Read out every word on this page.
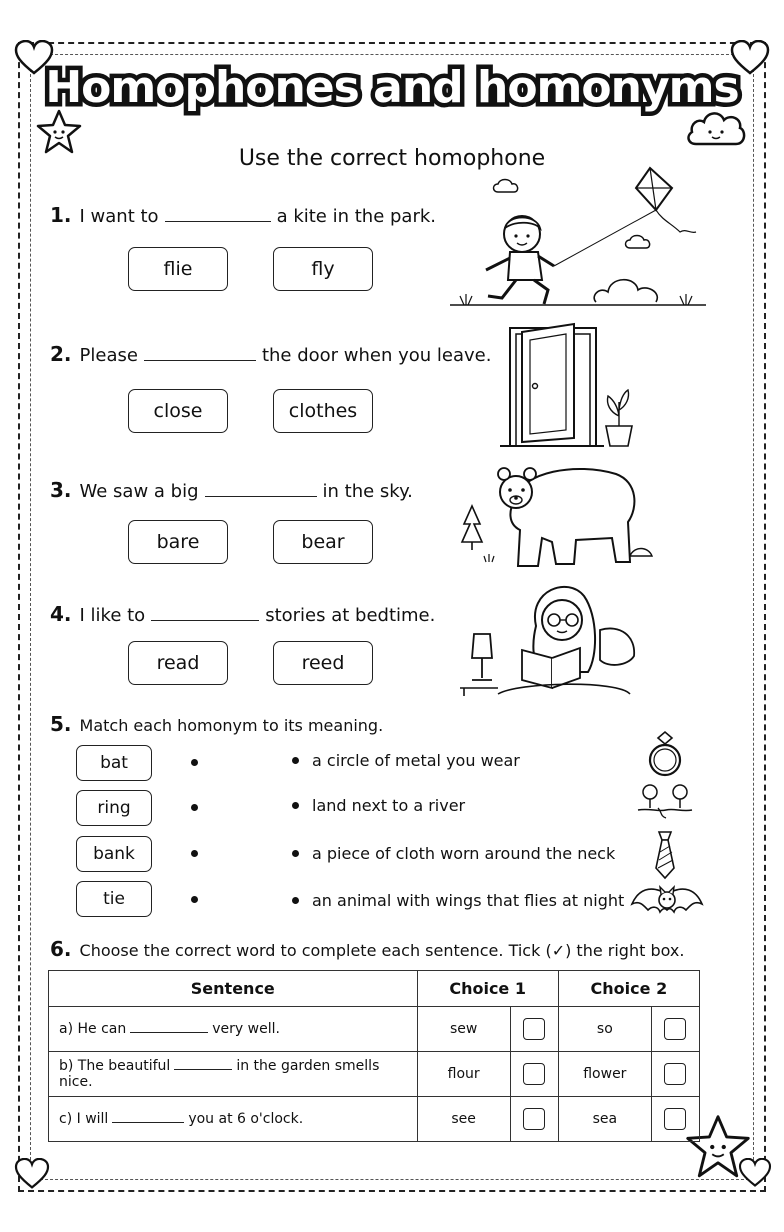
Homophones and homonyms
Use the correct homophone
1. I want to	a kite in the park.
flie	fly
2. Please	the door when you leave.
close	clothes
3. We saw a big	in the sky.
bare	bear
4. I like to	stories at bedtime.
read	reed
5. Match each homonym to its meaning.
bat
ring
bank
tie
a circle of metal you wear
land next to a river
a piece of cloth worn around the neck
an animal with wings that flies at night
6. Choose the correct word to complete each sentence. Tick (✓) the right box.
Sentence	Choice 1		Choice 2	
a) He can very well.	sew		so	
b) The beautiful in the garden smells nice.	flour		flower	
c) I will you at 6 o'clock.	see		sea	
